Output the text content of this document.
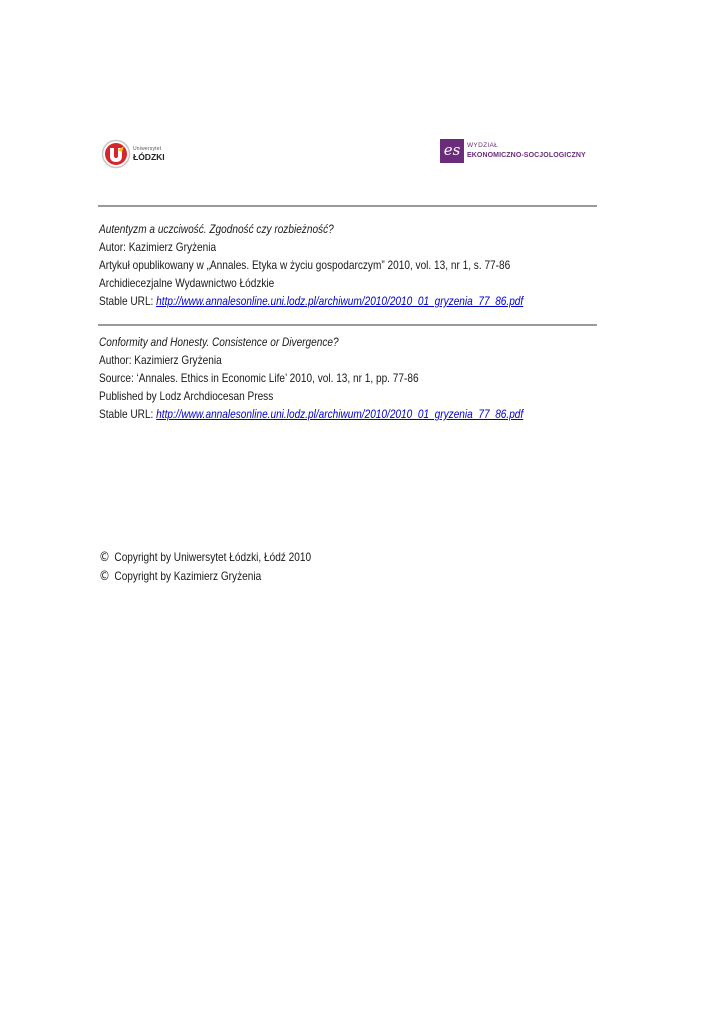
Uniwersytet
ŁÓDZKI	es WYDZIAŁ
EKONOMICZNO-SOCJOLOGICZNY
Autentyzm a uczciwość. Zgodność czy rozbieżność?
Autor: Kazimierz Gryżenia
Artykuł opublikowany w „Annales. Etyka w życiu gospodarczym” 2010, vol. 13, nr 1, s. 77-86
Archidiecezjalne Wydawnictwo Łódzkie
Stable URL: http://www.annalesonline.uni.lodz.pl/archiwum/2010/2010_01_gryzenia_77_86.pdf
Conformity and Honesty. Consistence or Divergence?
Author: Kazimierz Gryżenia
Source: ‘Annales. Ethics in Economic Life’ 2010, vol. 13, nr 1, pp. 77-86
Published by Lodz Archdiocesan Press
Stable URL: http://www.annalesonline.uni.lodz.pl/archiwum/2010/2010_01_gryzenia_77_86.pdf
© Copyright by Uniwersytet Łódzki, Łódź 2010
© Copyright by Kazimierz Gryżenia
